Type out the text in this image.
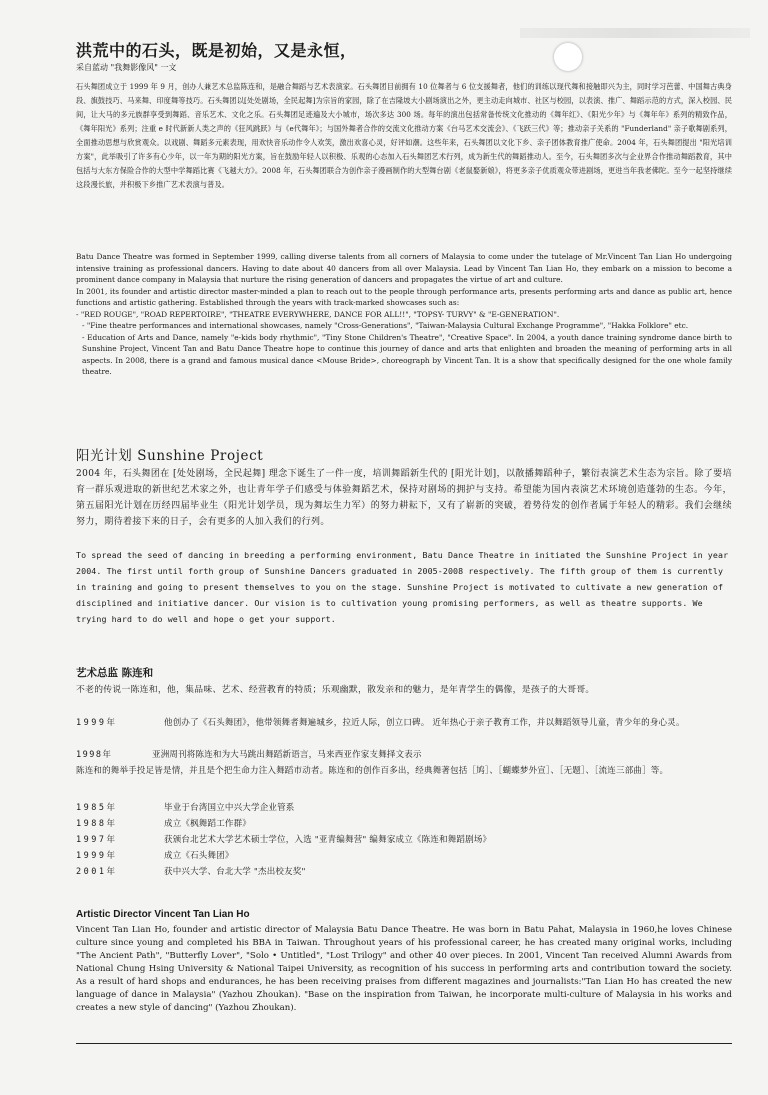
洪荒中的石头，既是初始，又是永恒，
采自蓝动 "我舞影像风" 一文
石头舞团成立于 1999 年 9 月，创办人兼艺术总监陈连和，是融合舞蹈与艺术表演家。石头舞团目前拥有 10 位舞者与 6 位支援舞者，他们的训练以现代舞和接触即兴为主，同时学习芭蕾、中国舞古典身段、旗鼓技巧、马来舞、印度舞等技巧。石头舞团以[处处剧场，全民起舞]为宗旨的家园，除了在吉隆坡大小剧场演出之外，更主动走向城市、社区与校园，以表演、推广、舞蹈示范的方式，深入校园、民间，让大马的多元族群享受到舞蹈、音乐艺术、文化之乐。石头舞团足迹遍及大小城市，场次多达 300 场。每年的演出包括常备传统文化推动的《舞年红》、《阳光少年》与《舞年年》系列的精致作品，《舞年阳光》系列；注重 e 时代新新人类之声的《狂风跳跃》与《e代舞年》；与国外舞者合作的交流文化推动方案《台马艺术交流会》、《飞跃三代》等；推动亲子关系的 "Funderland" 亲子歌舞剧系列，全面推动思想与欣赏观众。以戏剧、舞蹈多元素表现，用欢快音乐动作令人欢笑，激出欢喜心灵，好评如潮。这些年来，石头舞团以文化下乡、亲子团体教育推广使命。2004 年，石头舞团提出 "阳光培训方案"，此举吸引了许多有心少年，以一年为期的阳光方案，旨在鼓励年轻人以积极、乐观的心态加入石头舞团艺术行列，成为新生代的舞蹈推动人。至今，石头舞团多次与企业界合作推动舞蹈教育，其中包括与大东方保险合作的大型中学舞蹈比赛《飞越大方》。2008 年，石头舞团联合为创作亲子漫画制作的大型舞台剧《老鼠娶新娘》，将更多亲子优质观众带进剧场，更进当年我老佛陀。至今一起坚持继续这段漫长旅，并积极下乡推广艺术表演与普及。

Batu Dance Theatre was formed in September 1999, calling diverse talents from all corners of Malaysia to come under the tutelage of Mr.Vincent Tan Lian Ho undergoing intensive training as professional dancers. Having to date about 40 dancers from all over Malaysia. Lead by Vincent Tan Lian Ho, they embark on a mission to become a prominent dance company in Malaysia that nurture the rising generation of dancers and propagates the virtue of art and culture.

In 2001, its founder and artistic director master-minded a plan to reach out to the people through performance arts, presents performing arts and dance as public art, hence functions and artistic gathering. Established through the years with track-marked showcases such as:

- "RED ROUGE", "ROAD REPERTOIRE", "THEATRE EVERYWHERE, DANCE FOR ALL!!", "TOPSY- TURVY" & "E-GENERATION".

- "Fine theatre performances and international showcases, namely "Cross-Generations", "Taiwan-Malaysia Cultural Exchange Programme", "Hakka Folklore" etc.

- Education of Arts and Dance, namely "e-kids body rhythmic", "Tiny Stone Children's Theatre", "Creative Space". In 2004, a youth dance training syndrome dance birth to Sunshine Project, Vincent Tan and Batu Dance Theatre hope to continue this journey of dance and arts that enlighten and broaden the meaning of performing arts in all aspects. In 2008, there is a grand and famous musical dance <Mouse Bride>, choreograph by Vincent Tan. It is a show that specifically designed for the one whole family theatre.

阳光计划 Sunshine Project
2004 年，石头舞团在 [处处剧场，全民起舞] 理念下诞生了一件一度，培训舞蹈新生代的 [阳光计划]，以散播舞蹈种子，繁衍表演艺术生态为宗旨。除了要培育一群乐观进取的新世纪艺术家之外，也让青年学子们感受与体验舞蹈艺术，保持对剧场的拥护与支持。希望能为国内表演艺术环境创造蓬勃的生态。今年，第五届阳光计划在历经四届毕业生（阳光计划学员，现为舞坛生力军）的努力耕耘下，又有了崭新的突破，着势待发的创作者属于年轻人的精彩。我们会继续努力，期待着接下来的日子，会有更多的人加入我们的行列。
To spread the seed of dancing in breeding a performing environment, Batu Dance Theatre in initiated the Sunshine Project in year 2004. The first until forth group of Sunshine Dancers graduated in 2005-2008 respectively. The fifth group of them is currently in training and going to present themselves to you on the stage. Sunshine Project is motivated to cultivate a new generation of disciplined and initiative dancer. Our vision is to cultivation young promising performers, as well as theatre supports. We trying hard to do well and hope o get your support.
艺术总监 陈连和
不老的传说一陈连和，他，集品味、艺术、经营教育的特质；乐观幽默，散发亲和的魅力，是年青学生的偶像，是孩子的大哥哥。
1999年	他创办了《石头舞团》，他带领舞者舞遍城乡，拉近人际，创立口碑。 近年热心于亲子教育工作，并以舞蹈领导儿童，青少年的身心灵。
1998年	亚洲周刊将陈连和为大马跳出舞蹈新语言，马来西亚作家支舞择文表示
陈连和的舞举手投足皆是情，并且是个把生命力注入舞蹈市动者。陈连和的创作百多出，经典舞著包括［鸠］、［蝴蝶梦外宣］、［无题］、［流连三部曲］等。
1985年	毕业于台湾国立中兴大学企业管系
1988年	成立《枫舞蹈工作群》
1997年	获颁台北艺术大学艺术硕士学位，入选 "亚青编舞营" 编舞家成立《陈连和舞蹈剧场》
1999年	成立《石头舞团》
2001年	获中兴大学、台北大学 "杰出校友奖"
Artistic Director Vincent Tan Lian Ho
Vincent Tan Lian Ho, founder and artistic director of Malaysia Batu Dance Theatre. He was born in Batu Pahat, Malaysia in 1960,he loves Chinese culture since young and completed his BBA in Taiwan. Throughout years of his professional career, he has created many original works, including "The Ancient Path", "Butterfly Lover", "Solo • Untitled", "Lost Trilogy" and other 40 over pieces. In 2001, Vincent Tan received Alumni Awards from National Chung Hsing University & National Taipei University, as recognition of his success in performing arts and contribution toward the society. As a result of hard shops and endurances, he has been receiving praises from different magazines and journalists:"Tan Lian Ho has created the new language of dance in Malaysia" (Yazhou Zhoukan). "Base on the inspiration from Taiwan, he incorporate multi-culture of Malaysia in his works and creates a new style of dancing" (Yazhou Zhoukan).
